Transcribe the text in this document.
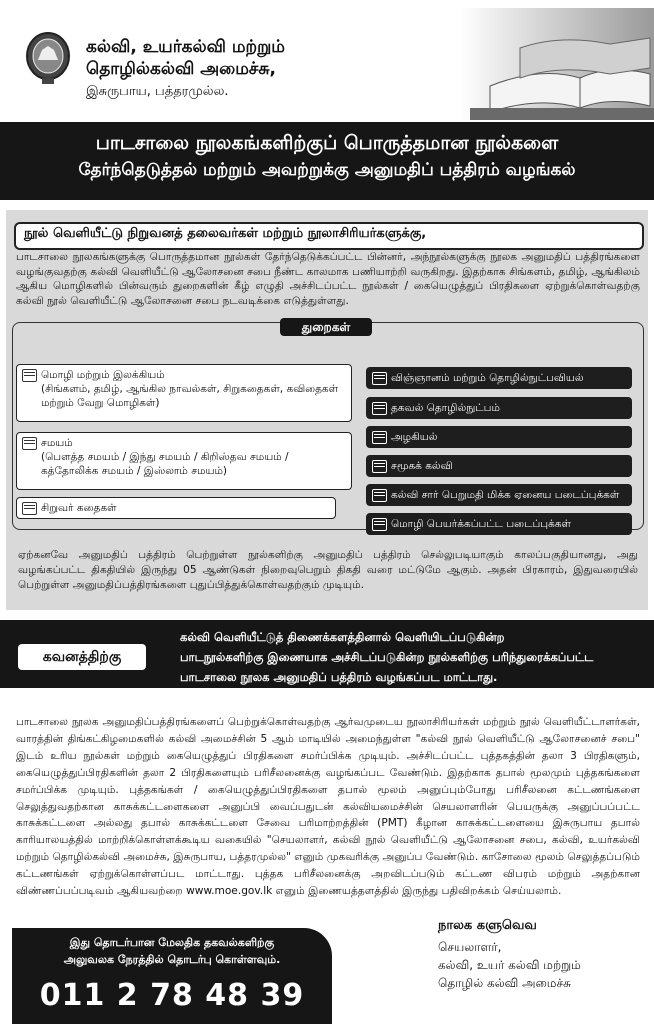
கல்வி, உயர்கல்வி மற்றும்
தொழில்கல்வி அமைச்சு,
இசுருபாய, பத்தரமுல்ல.
பாடசாலை நூலகங்களிற்குப் பொருத்தமான நூல்களை
தேர்ந்தெடுத்தல் மற்றும் அவற்றுக்கு அனுமதிப் பத்திரம் வழங்கல்
நூல் வெளியீட்டு நிறுவனத் தலைவர்கள் மற்றும் நூலாசிரியர்களுக்கு,
பாடசாலை நூலகங்களுக்கு பொருத்தமான நூல்கள் தேர்ந்தெடுக்கப்பட்ட பின்னர், அந்நூல்களுக்கு நூலக அனுமதிப் பத்திரங்களை வழங்குவதற்கு கல்வி வெளியீட்டு ஆலோசனை சபை நீண்ட காலமாக பணியாற்றி வருகிறது. இதற்காக சிங்களம், தமிழ், ஆங்கிலம் ஆகிய மொழிகளில் பின்வரும் துறைகளின் கீழ் எழுதி அச்சிடப்பட்ட நூல்கள் / கையெழுத்துப் பிரதிகளை ஏற்றுக்கொள்வதற்கு கல்வி நூல் வெளியீட்டு ஆலோசனை சபை நடவடிக்கை எடுத்துள்ளது.
துறைகள்
மொழி மற்றும் இலக்கியம்
(சிங்களம், தமிழ், ஆங்கில நாவல்கள், சிறுகதைகள், கவிதைகள் மற்றும் வேறு மொழிகள்)
சமயம்
(பௌத்த சமயம் / இந்து சமயம் / கிறிஸ்தவ சமயம் / கத்தோலிக்க சமயம் / இஸ்லாம் சமயம்)
சிறுவர் கதைகள்
விஞ்ஞானம் மற்றும் தொழில்நுட்பவியல்
தகவல் தொழில்நுட்பம்
அழகியல்
சமூகக் கல்வி
கல்வி சார் பெறுமதி மிக்க ஏனைய படைப்புக்கள்
மொழி பெயர்க்கப்பட்ட படைப்புக்கள்
ஏற்கனவே அனுமதிப் பத்திரம் பெற்றுள்ள நூல்களிற்கு அனுமதிப் பத்திரம் செல்லுபடியாகும் காலப்பகுதியானது, அது வழங்கப்பட்ட திகதியில் இருந்து 05 ஆண்டுகள் நிறைவுபெறும் திகதி வரை மட்டுமே ஆகும். அதன் பிரகாரம், இதுவரையில் பெற்றுள்ள அனுமதிப்பத்திரங்களை புதுப்பித்துக்கொள்வதற்கும் முடியும்.
கவனத்திற்கு
கல்வி வெளியீட்டுத் திணைக்களத்தினால் வெளியிடப்படுகின்ற
பாடநூல்களிற்கு இணையாக அச்சிடப்படுகின்ற நூல்களிற்கு பரிந்துரைக்கப்பட்ட
பாடசாலை நூலக அனுமதிப் பத்திரம் வழங்கப்பட மாட்டாது.
பாடசாலை நூலக அனுமதிப்பத்திரங்களைப் பெற்றுக்கொள்வதற்கு ஆர்வமுடைய நூலாசிரியர்கள் மற்றும் நூல் வெளியீட்டாளர்கள், வாரத்தின் திங்கட்கிழமைகளில் கல்வி அமைச்சின் 5 ஆம் மாடியில் அமைந்துள்ள "கல்வி நூல் வெளியீட்டு ஆலோசனைச் சபை" இடம் உரிய நூல்கள் மற்றும் கையெழுத்துப் பிரதிகளை சமர்ப்பிக்க முடியும். அச்சிடப்பட்ட புத்தகத்தின் தலா 3 பிரதிகளும், கையெழுத்துப்பிரதிகளின் தலா 2 பிரதிகளையும் பரிசீலனைக்கு வழங்கப்பட வேண்டும். இதற்காக தபால் மூலமும் புத்தகங்களை சமர்ப்பிக்க முடியும். புத்தகங்கள் / கையெழுத்துப்பிரதிகளை தபால் மூலம் அனுப்பும்போது பரிசீலனை கட்டணங்களை செலுத்துவதற்கான காசுக்கட்டளைகளை அனுப்பி வைப்பதுடன் கல்வியமைச்சின் செயலாளரின் பெயருக்கு அனுப்பப்பட்ட காசுக்கட்டளை அல்லது தபால் காசுக்கட்டளை சேவை பரிமாற்றத்தின் (PMT) கீழான காசுக்கட்டளையை இசுருபாய தபால் காரியாலயத்தில் மாற்றிக்கொள்ளக்கூடிய வகையில் "செயலாளர், கல்வி நூல் வெளியீட்டு ஆலோசனை சபை, கல்வி, உயர்கல்வி மற்றும் தொழில்கல்வி அமைச்சு, இசுருபாய, பத்தரமுல்ல" எனும் முகவரிக்கு அனுப்ப வேண்டும். காசோலை மூலம் செலுத்தப்படும் கட்டணங்கள் ஏற்றுக்கொள்ளப்பட மாட்டாது. புத்தக பரிசீலனைக்கு அறவிடப்படும் கட்டண விபரம் மற்றும் அதற்கான விண்ணப்பப்படிவம் ஆகியவற்றை www.moe.gov.lk எனும் இணையத்தளத்தில் இருந்து பதிவிறக்கம் செய்யலாம்.
இது தொடர்பான மேலதிக தகவல்களிற்கு
அலுவலக நேரத்தில் தொடர்பு கொள்ளவும்.
011 2 78 48 39
நாலக களுவெவ
செயலாளர்,
கல்வி, உயர் கல்வி மற்றும்
தொழில் கல்வி அமைச்சு
